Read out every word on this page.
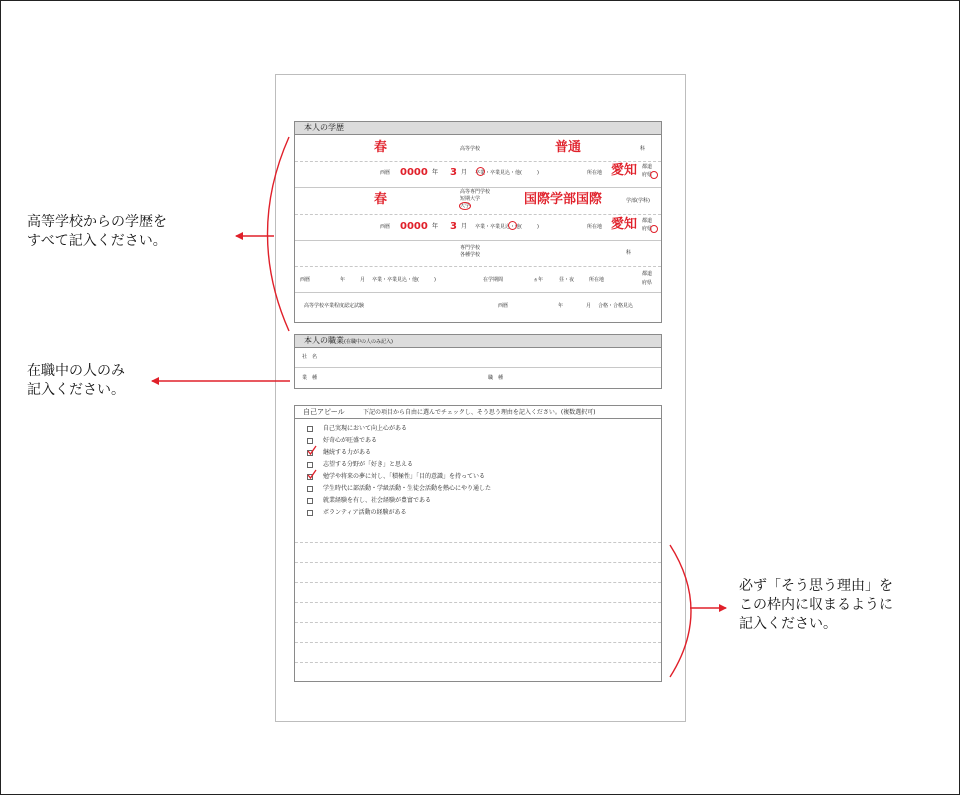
本人の学歴
春	高等学校	普通	科
西暦 0000 年 3 月 卒業・卒業見込・他(　　　)	所在地 愛知 都道
府県
春	高等専門学校
短期大学
大学	国際学部国際	学部(学科)
西暦 0000 年 3 月 卒業・卒業見込・他(　　　)	所在地 愛知 都道
府県
専門学校
各種学校	科
西暦	年	月 卒業・卒業見込・他(　　　)	在学期間	ヵ年	昼・夜	所在地
都道
府県
高等学校卒業程度認定試験	西暦	年	月 合格・合格見込
本人の職業(在職中の人のみ記入)
社　名
業　種	職　種
自己アピール	下記の項目から自由に選んでチェックし、そう思う理由を記入ください。(複数選択可)
自己実現において向上心がある
好奇心が旺盛である
継続する力がある
志望する分野が「好き」と思える
勉学や将来の夢に対し、「積極性」「目的意識」を持っている
学生時代に部活動・学級活動・生徒会活動を熱心にやり通した
就業経験を有し、社会経験が豊富である
ボランティア活動の経験がある
高等学校からの学歴を
すべて記入ください。
在職中の人のみ
記入ください。
必ず「そう思う理由」を
この枠内に収まるように
記入ください。
